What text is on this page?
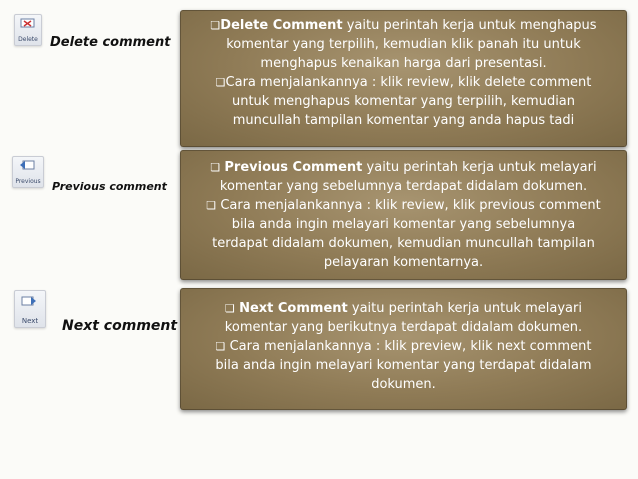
Delete Delete comment

❏Delete Comment yaitu perintah kerja untuk menghapus
komentar yang terpilih, kemudian klik panah itu untuk
menghapus kenaikan harga dari presentasi.

❏Cara menjalankannya : klik review, klik delete comment
untuk menghapus komentar yang terpilih, kemudian
muncullah tampilan komentar yang anda hapus tadi

Previous Previous comment

❏ Previous Comment yaitu perintah kerja untuk melayari
komentar yang sebelumnya terdapat didalam dokumen.

❏ Cara menjalankannya : klik review, klik previous comment
bila anda ingin melayari komentar yang sebelumnya
terdapat didalam dokumen, kemudian muncullah tampilan
pelayaran komentarnya.

Next	Next comment

❏ Next Comment yaitu perintah kerja untuk melayari
komentar yang berikutnya terdapat didalam dokumen.

❏ Cara menjalankannya : klik preview, klik next comment
bila anda ingin melayari komentar yang terdapat didalam
dokumen.
